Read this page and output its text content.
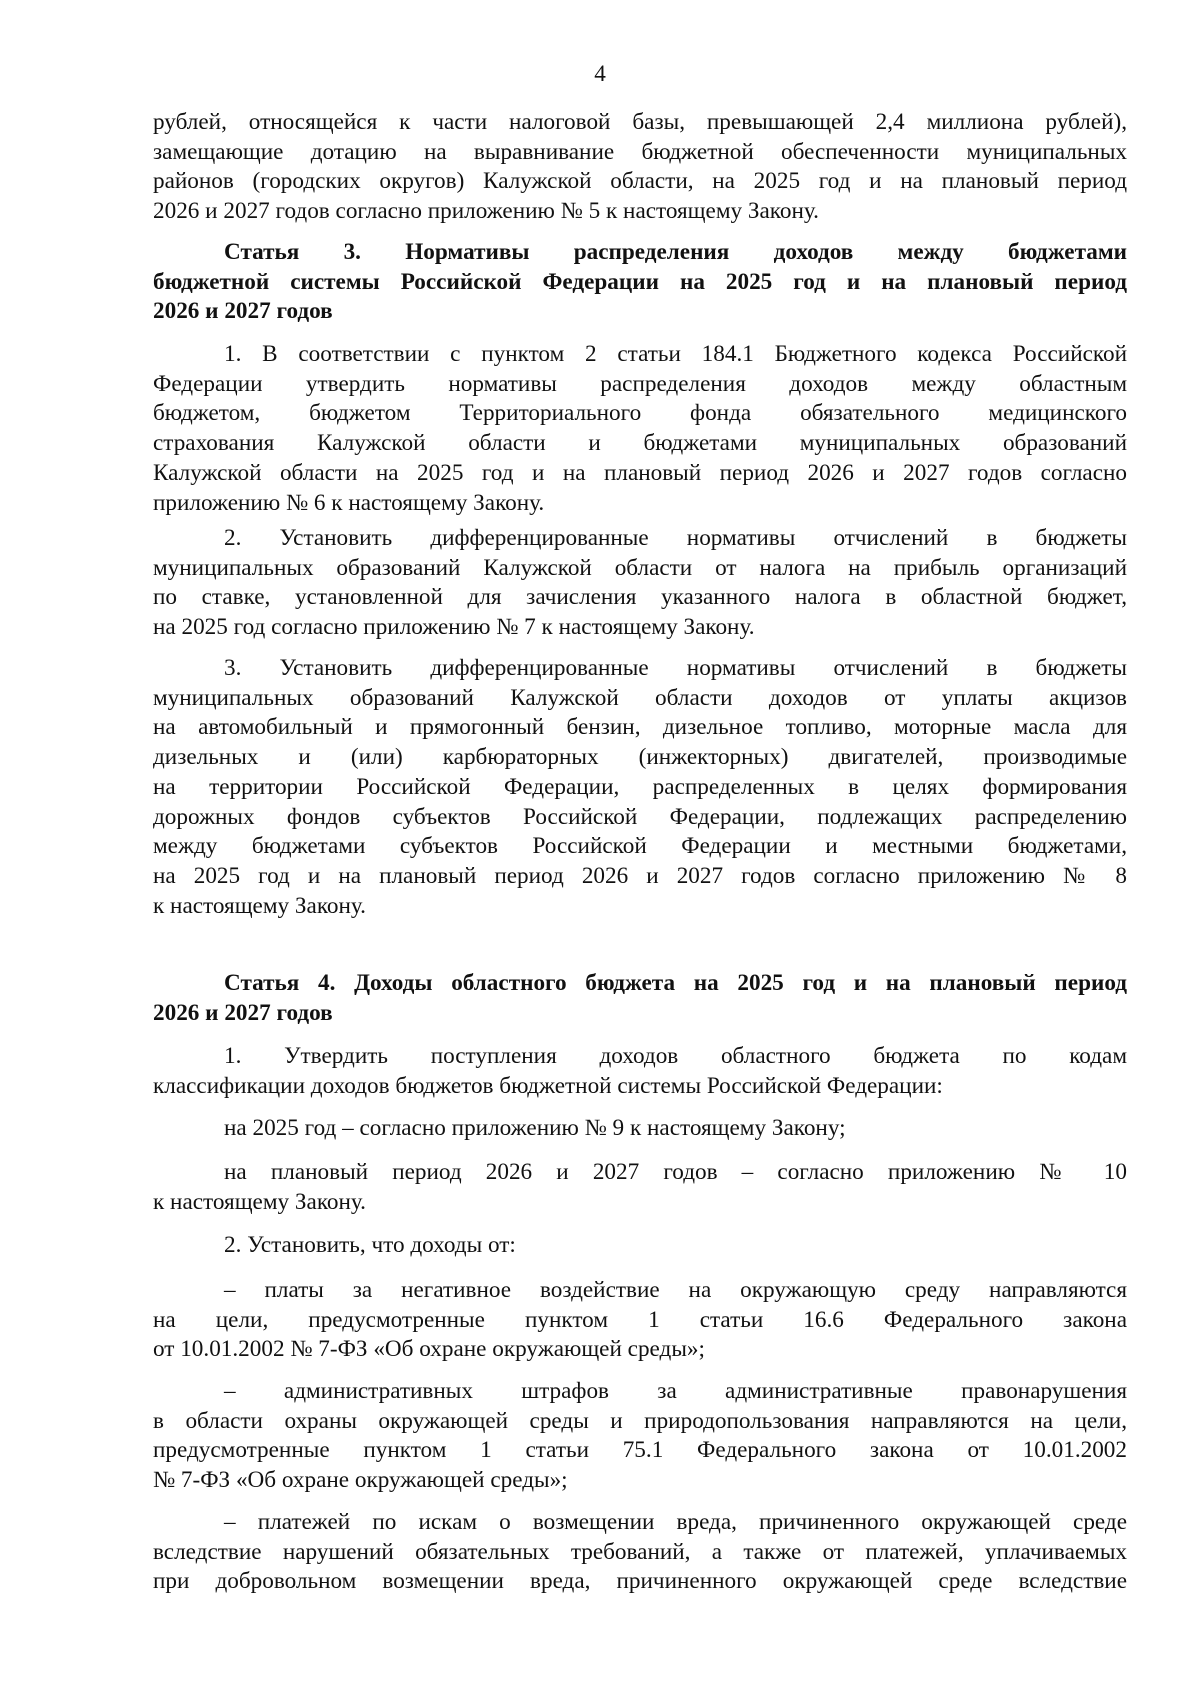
4
рублей, относящейся к части налоговой базы, превышающей 2,4 миллиона рублей),
замещающие дотацию на выравнивание бюджетной обеспеченности муниципальных
районов (городских округов) Калужской области, на 2025 год и на плановый период
2026 и 2027 годов согласно приложению № 5 к настоящему Закону.
Статья 3. Нормативы распределения доходов между бюджетами
бюджетной системы Российской Федерации на 2025 год и на плановый период
2026 и 2027 годов
1. В соответствии с пунктом 2 статьи 184.1 Бюджетного кодекса Российской
Федерации утвердить нормативы распределения доходов между областным
бюджетом, бюджетом Территориального фонда обязательного медицинского
страхования Калужской области и бюджетами муниципальных образований
Калужской области на 2025 год и на плановый период 2026 и 2027 годов согласно
приложению № 6 к настоящему Закону.
2. Установить дифференцированные нормативы отчислений в бюджеты
муниципальных образований Калужской области от налога на прибыль организаций
по ставке, установленной для зачисления указанного налога в областной бюджет,
на 2025 год согласно приложению № 7 к настоящему Закону.
3. Установить дифференцированные нормативы отчислений в бюджеты
муниципальных образований Калужской области доходов от уплаты акцизов
на автомобильный и прямогонный бензин, дизельное топливо, моторные масла для
дизельных и (или) карбюраторных (инжекторных) двигателей, производимые
на территории Российской Федерации, распределенных в целях формирования
дорожных фондов субъектов Российской Федерации, подлежащих распределению
между бюджетами субъектов Российской Федерации и местными бюджетами,
на 2025 год и на плановый период 2026 и 2027 годов согласно приложению № 8
к настоящему Закону.
Статья 4. Доходы областного бюджета на 2025 год и на плановый период
2026 и 2027 годов
1. Утвердить поступления доходов областного бюджета по кодам
классификации доходов бюджетов бюджетной системы Российской Федерации:
на 2025 год – согласно приложению № 9 к настоящему Закону;
на плановый период 2026 и 2027 годов – согласно приложению № 10
к настоящему Закону.
2. Установить, что доходы от:
– платы за негативное воздействие на окружающую среду направляются
на цели, предусмотренные пунктом 1 статьи 16.6 Федерального закона
от 10.01.2002 № 7-ФЗ «Об охране окружающей среды»;
– административных штрафов за административные правонарушения
в области охраны окружающей среды и природопользования направляются на цели,
предусмотренные пунктом 1 статьи 75.1 Федерального закона от 10.01.2002
№ 7-ФЗ «Об охране окружающей среды»;
– платежей по искам о возмещении вреда, причиненного окружающей среде
вследствие нарушений обязательных требований, а также от платежей, уплачиваемых
при добровольном возмещении вреда, причиненного окружающей среде вследствие
